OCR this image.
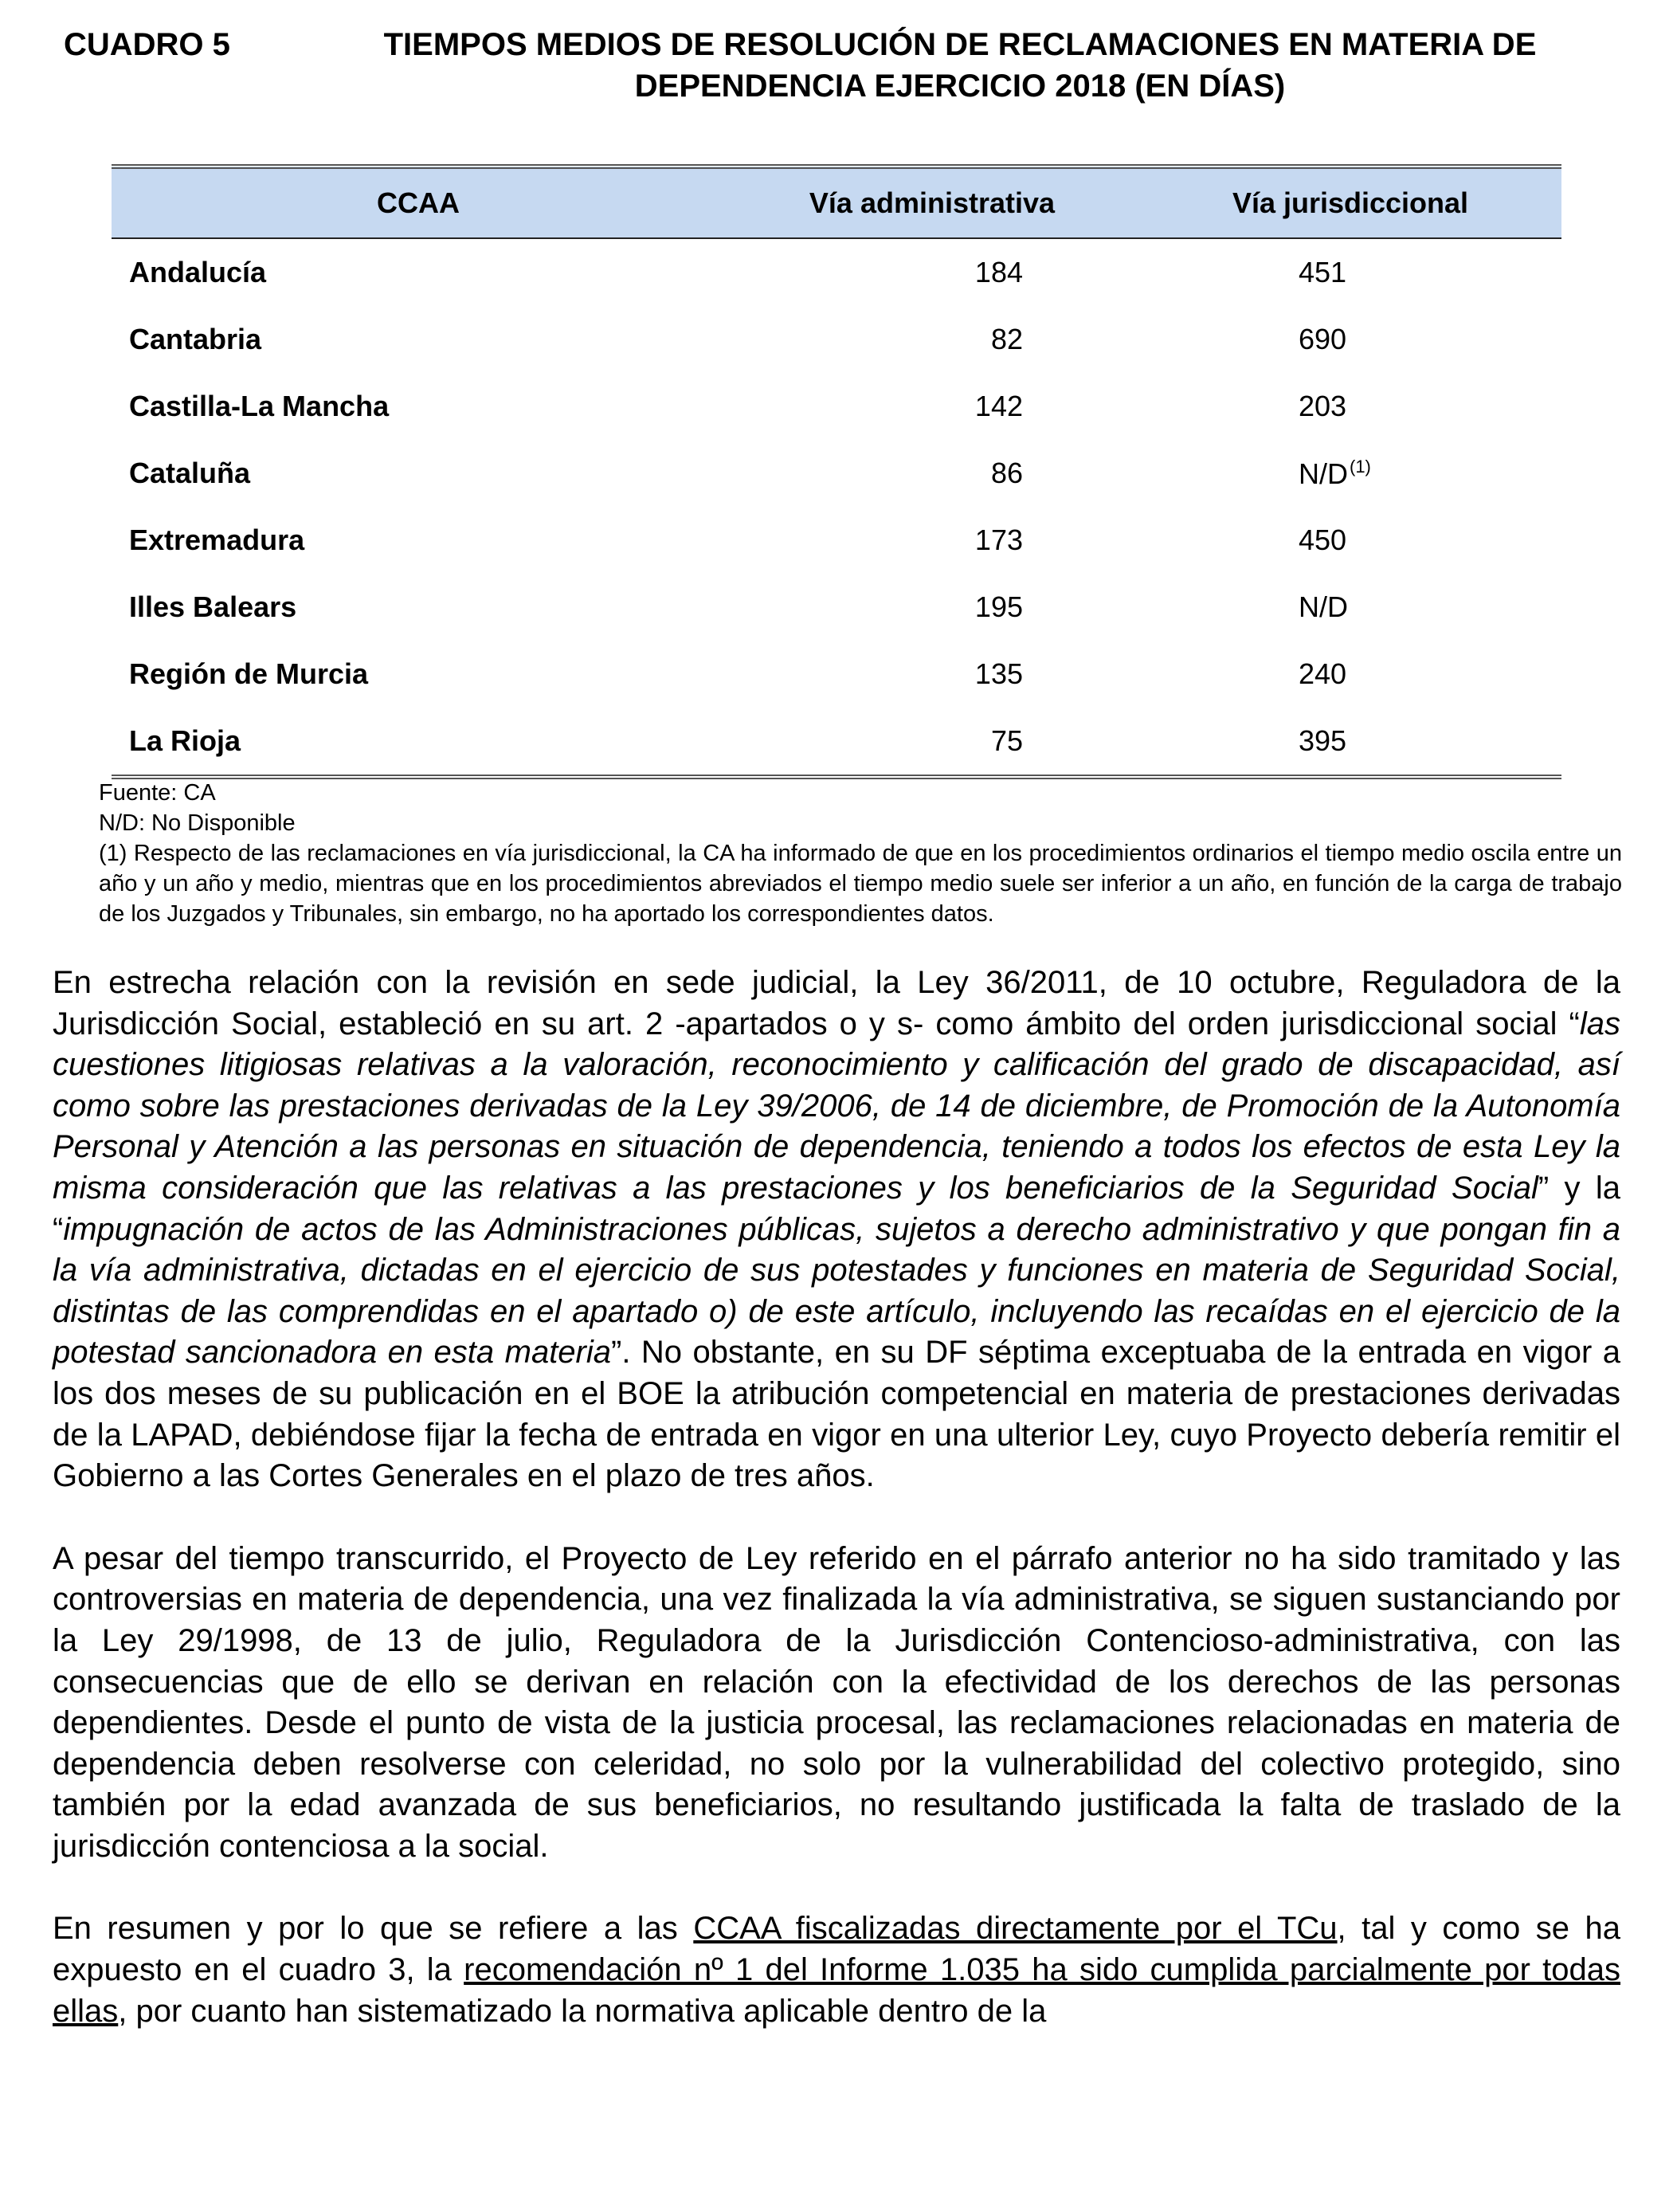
CUADRO 5	TIEMPOS MEDIOS DE RESOLUCIÓN DE RECLAMACIONES EN MATERIA DE
DEPENDENCIA EJERCICIO 2018 (EN DÍAS)
CCAA	Vía administrativa	Vía jurisdiccional
Andalucía	184	451
Cantabria	82	690
Castilla-La Mancha	142	203
Cataluña	86	N/D$^{(1)}$
Extremadura	173	450
Illes Balears	195	N/D
Región de Murcia	135	240
La Rioja	75	395

Fuente: CA

N/D: No Disponible

(1) Respecto de las reclamaciones en vía jurisdiccional, la CA ha informado de que en los procedimientos ordinarios el tiempo medio oscila entre un año y un año y medio, mientras que en los procedimientos abreviados el tiempo medio suele ser inferior a un año, en función de la carga de trabajo de los Juzgados y Tribunales, sin embargo, no ha aportado los correspondientes datos.

En estrecha relación con la revisión en sede judicial, la Ley 36/2011, de 10 octubre, Reguladora de la Jurisdicción Social, estableció en su art. 2 -apartados o y s- como ámbito del orden jurisdiccional social “las cuestiones litigiosas relativas a la valoración, reconocimiento y calificación del grado de discapacidad, así como sobre las prestaciones derivadas de la Ley 39/2006, de 14 de diciembre, de Promoción de la Autonomía Personal y Atención a las personas en situación de dependencia, teniendo a todos los efectos de esta Ley la misma consideración que las relativas a las prestaciones y los beneficiarios de la Seguridad Social” y la “impugnación de actos de las Administraciones públicas, sujetos a derecho administrativo y que pongan fin a la vía administrativa, dictadas en el ejercicio de sus potestades y funciones en materia de Seguridad Social, distintas de las comprendidas en el apartado o) de este artículo, incluyendo las recaídas en el ejercicio de la potestad sancionadora en esta materia”. No obstante, en su DF séptima exceptuaba de la entrada en vigor a los dos meses de su publicación en el BOE la atribución competencial en materia de prestaciones derivadas de la LAPAD, debiéndose fijar la fecha de entrada en vigor en una ulterior Ley, cuyo Proyecto debería remitir el Gobierno a las Cortes Generales en el plazo de tres años.

A pesar del tiempo transcurrido, el Proyecto de Ley referido en el párrafo anterior no ha sido tramitado y las controversias en materia de dependencia, una vez finalizada la vía administrativa, se siguen sustanciando por la Ley 29/1998, de 13 de julio, Reguladora de la Jurisdicción Contencioso-administrativa, con las consecuencias que de ello se derivan en relación con la efectividad de los derechos de las personas dependientes. Desde el punto de vista de la justicia procesal, las reclamaciones relacionadas en materia de dependencia deben resolverse con celeridad, no solo por la vulnerabilidad del colectivo protegido, sino también por la edad avanzada de sus beneficiarios, no resultando justificada la falta de traslado de la jurisdicción contenciosa a la social.

En resumen y por lo que se refiere a las CCAA fiscalizadas directamente por el TCu, tal y como se ha expuesto en el cuadro 3, la recomendación nº 1 del Informe 1.035 ha sido cumplida parcialmente por todas ellas, por cuanto han sistematizado la normativa aplicable dentro de la
